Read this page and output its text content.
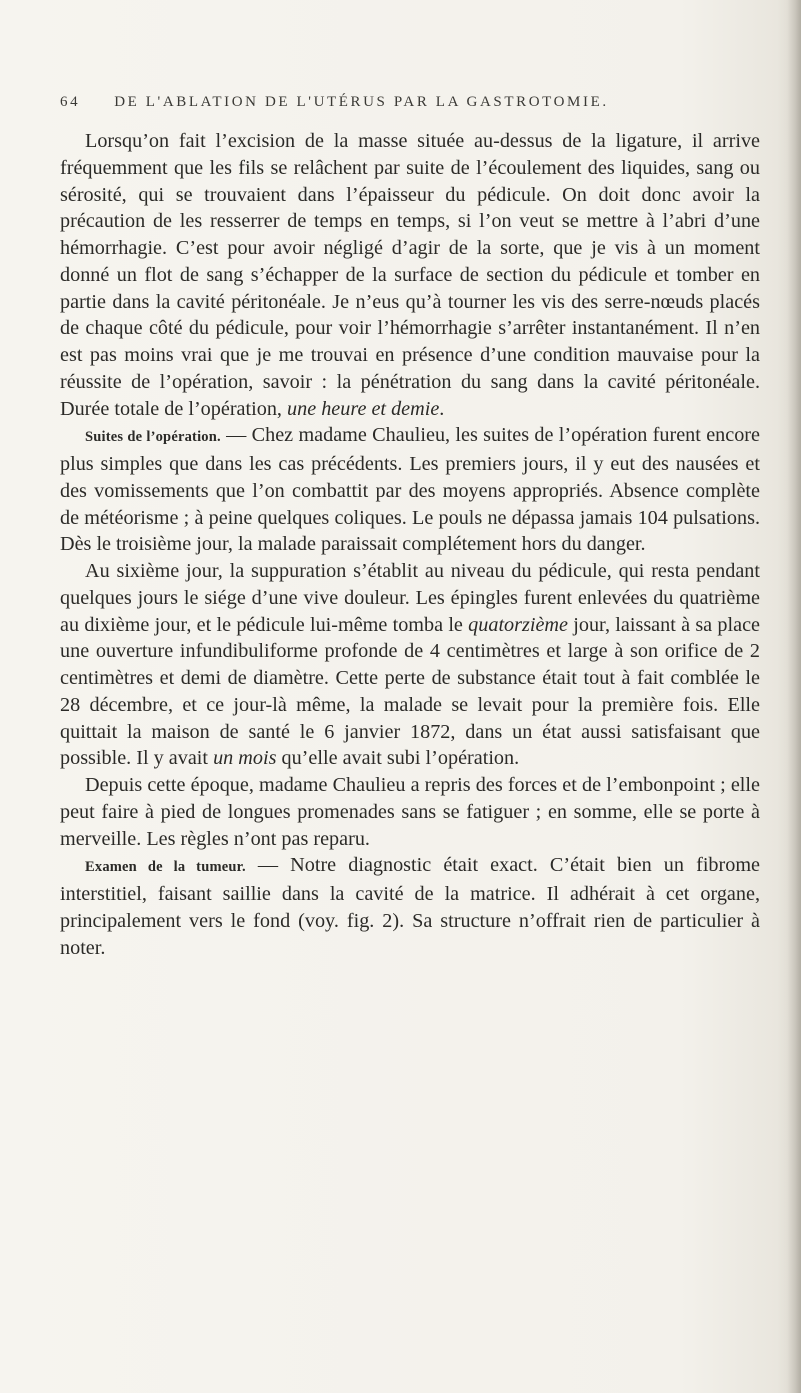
64 DE L'ABLATION DE L'UTÉRUS PAR LA GASTROTOMIE.

Lorsqu’on fait l’excision de la masse située au-dessus de la ligature, il arrive fréquemment que les fils se relâchent par suite de l’écoulement des liquides, sang ou sérosité, qui se trouvaient dans l’épaisseur du pédicule. On doit donc avoir la précaution de les resserrer de temps en temps, si l’on veut se mettre à l’abri d’une hémorrhagie. C’est pour avoir négligé d’agir de la sorte, que je vis à un moment donné un flot de sang s’échapper de la surface de section du pédicule et tomber en partie dans la cavité péritonéale. Je n’eus qu’à tourner les vis des serre-nœuds placés de chaque côté du pédicule, pour voir l’hémorrhagie s’arrêter instantanément. Il n’en est pas moins vrai que je me trouvai en présence d’une condition mauvaise pour la réussite de l’opération, savoir : la pénétration du sang dans la cavité péritonéale. Durée totale de l’opération, une heure et demie.

Suites de l’opération. — Chez madame Chaulieu, les suites de l’opération furent encore plus simples que dans les cas précédents. Les premiers jours, il y eut des nausées et des vomissements que l’on combattit par des moyens appropriés. Absence complète de météorisme ; à peine quelques coliques. Le pouls ne dépassa jamais 104 pulsations. Dès le troisième jour, la malade paraissait complétement hors du danger.

Au sixième jour, la suppuration s’établit au niveau du pédicule, qui resta pendant quelques jours le siége d’une vive douleur. Les épingles furent enlevées du quatrième au dixième jour, et le pédicule lui-même tomba le quatorzième jour, laissant à sa place une ouverture infundibuliforme profonde de 4 centimètres et large à son orifice de 2 centimètres et demi de diamètre. Cette perte de substance était tout à fait comblée le 28 décembre, et ce jour-là même, la malade se levait pour la première fois. Elle quittait la maison de santé le 6 janvier 1872, dans un état aussi satisfaisant que possible. Il y avait un mois qu’elle avait subi l’opération.

Depuis cette époque, madame Chaulieu a repris des forces et de l’embonpoint ; elle peut faire à pied de longues promenades sans se fatiguer ; en somme, elle se porte à merveille. Les règles n’ont pas reparu.

Examen de la tumeur. — Notre diagnostic était exact. C’était bien un fibrome interstitiel, faisant saillie dans la cavité de la matrice. Il adhérait à cet organe, principalement vers le fond (voy. fig. 2). Sa structure n’offrait rien de particulier à noter.
